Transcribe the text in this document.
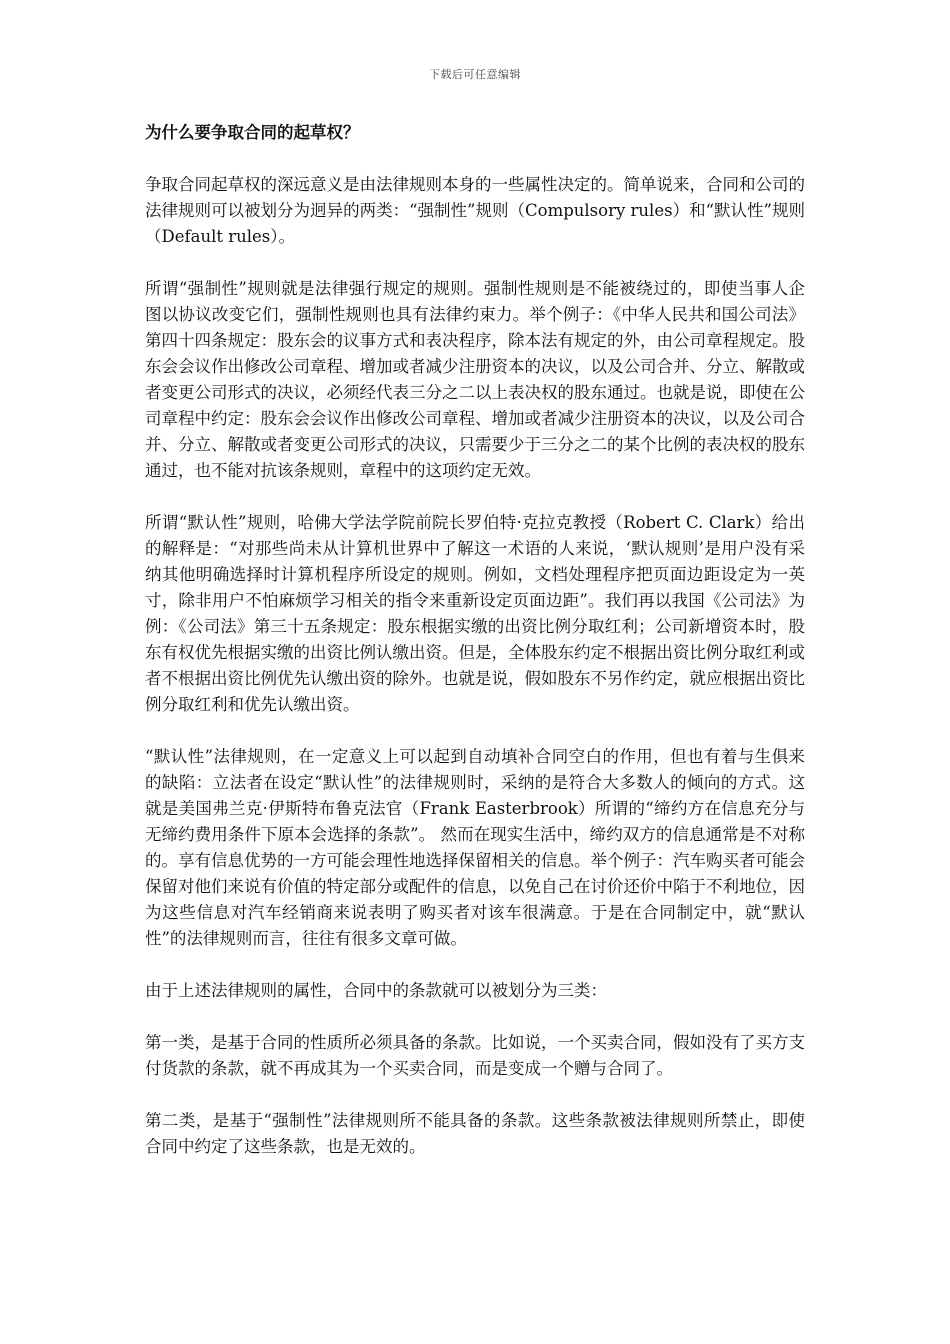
下载后可任意编辑
为什么要争取合同的起草权？

争取合同起草权的深远意义是由法律规则本身的一些属性决定的。简单说来，合同和公司的法律规则可以被划分为迥异的两类：“强制性”规则（Compulsory rules）和“默认性”规则（Default rules）。

所谓“强制性”规则就是法律强行规定的规则。强制性规则是不能被绕过的，即使当事人企图以协议改变它们，强制性规则也具有法律约束力。举个例子：《中华人民共和国公司法》第四十四条规定：股东会的议事方式和表决程序，除本法有规定的外，由公司章程规定。股东会会议作出修改公司章程、增加或者减少注册资本的决议，以及公司合并、分立、解散或者变更公司形式的决议，必须经代表三分之二以上表决权的股东通过。也就是说，即使在公司章程中约定：股东会会议作出修改公司章程、增加或者减少注册资本的决议，以及公司合并、分立、解散或者变更公司形式的决议，只需要少于三分之二的某个比例的表决权的股东通过，也不能对抗该条规则，章程中的这项约定无效。

所谓“默认性”规则，哈佛大学法学院前院长罗伯特·克拉克教授（Robert C. Clark）给出的解释是：“对那些尚未从计算机世界中了解这一术语的人来说，‘默认规则’是用户没有采纳其他明确选择时计算机程序所设定的规则。例如，文档处理程序把页面边距设定为一英寸，除非用户不怕麻烦学习相关的指令来重新设定页面边距”。我们再以我国《公司法》为例：《公司法》第三十五条规定：股东根据实缴的出资比例分取红利；公司新增资本时，股东有权优先根据实缴的出资比例认缴出资。但是，全体股东约定不根据出资比例分取红利或者不根据出资比例优先认缴出资的除外。也就是说，假如股东不另作约定，就应根据出资比例分取红利和优先认缴出资。

“默认性”法律规则，在一定意义上可以起到自动填补合同空白的作用，但也有着与生俱来的缺陷：立法者在设定“默认性”的法律规则时，采纳的是符合大多数人的倾向的方式。这就是美国弗兰克·伊斯特布鲁克法官（Frank Easterbrook）所谓的“缔约方在信息充分与无缔约费用条件下原本会选择的条款”。 然而在现实生活中，缔约双方的信息通常是不对称的。享有信息优势的一方可能会理性地选择保留相关的信息。举个例子：汽车购买者可能会保留对他们来说有价值的特定部分或配件的信息，以免自己在讨价还价中陷于不利地位，因为这些信息对汽车经销商来说表明了购买者对该车很满意。于是在合同制定中，就“默认性”的法律规则而言，往往有很多文章可做。

由于上述法律规则的属性，合同中的条款就可以被划分为三类：

第一类，是基于合同的性质所必须具备的条款。比如说，一个买卖合同，假如没有了买方支付货款的条款，就不再成其为一个买卖合同，而是变成一个赠与合同了。

第二类，是基于“强制性”法律规则所不能具备的条款。这些条款被法律规则所禁止，即使合同中约定了这些条款，也是无效的。
